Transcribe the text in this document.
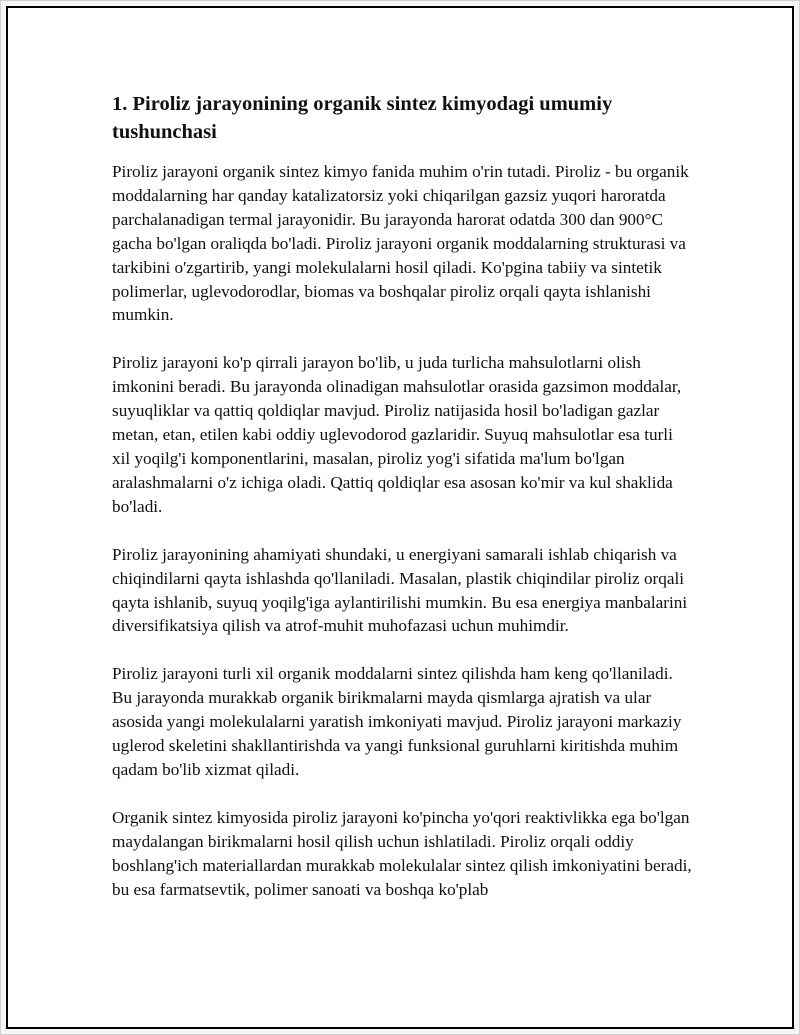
1. Piroliz jarayonining organik sintez kimyodagi umumiy tushunchasi

Piroliz jarayoni organik sintez kimyo fanida muhim o'rin tutadi. Piroliz - bu organik moddalarning har qanday katalizatorsiz yoki chiqarilgan gazsiz yuqori haroratda parchalanadigan termal jarayonidir. Bu jarayonda harorat odatda 300 dan 900°C gacha bo'lgan oraliqda bo'ladi. Piroliz jarayoni organik moddalarning strukturasi va tarkibini o'zgartirib, yangi molekulalarni hosil qiladi. Ko'pgina tabiiy va sintetik polimerlar, uglevodorodlar, biomas va boshqalar piroliz orqali qayta ishlanishi mumkin.

Piroliz jarayoni ko'p qirrali jarayon bo'lib, u juda turlicha mahsulotlarni olish imkonini beradi. Bu jarayonda olinadigan mahsulotlar orasida gazsimon moddalar, suyuqliklar va qattiq qoldiqlar mavjud. Piroliz natijasida hosil bo'ladigan gazlar metan, etan, etilen kabi oddiy uglevodorod gazlaridir. Suyuq mahsulotlar esa turli xil yoqilg'i komponentlarini, masalan, piroliz yog'i sifatida ma'lum bo'lgan aralashmalarni o'z ichiga oladi. Qattiq qoldiqlar esa asosan ko'mir va kul shaklida bo'ladi.

Piroliz jarayonining ahamiyati shundaki, u energiyani samarali ishlab chiqarish va chiqindilarni qayta ishlashda qo'llaniladi. Masalan, plastik chiqindilar piroliz orqali qayta ishlanib, suyuq yoqilg'iga aylantirilishi mumkin. Bu esa energiya manbalarini diversifikatsiya qilish va atrof-muhit muhofazasi uchun muhimdir.

Piroliz jarayoni turli xil organik moddalarni sintez qilishda ham keng qo'llaniladi. Bu jarayonda murakkab organik birikmalarni mayda qismlarga ajratish va ular asosida yangi molekulalarni yaratish imkoniyati mavjud. Piroliz jarayoni markaziy uglerod skeletini shakllantirishda va yangi funksional guruhlarni kiritishda muhim qadam bo'lib xizmat qiladi.

Organik sintez kimyosida piroliz jarayoni ko'pincha yo'qori reaktivlikka ega bo'lgan maydalangan birikmalarni hosil qilish uchun ishlatiladi. Piroliz orqali oddiy boshlang'ich materiallardan murakkab molekulalar sintez qilish imkoniyatini beradi, bu esa farmatsevtik, polimer sanoati va boshqa ko'plab
